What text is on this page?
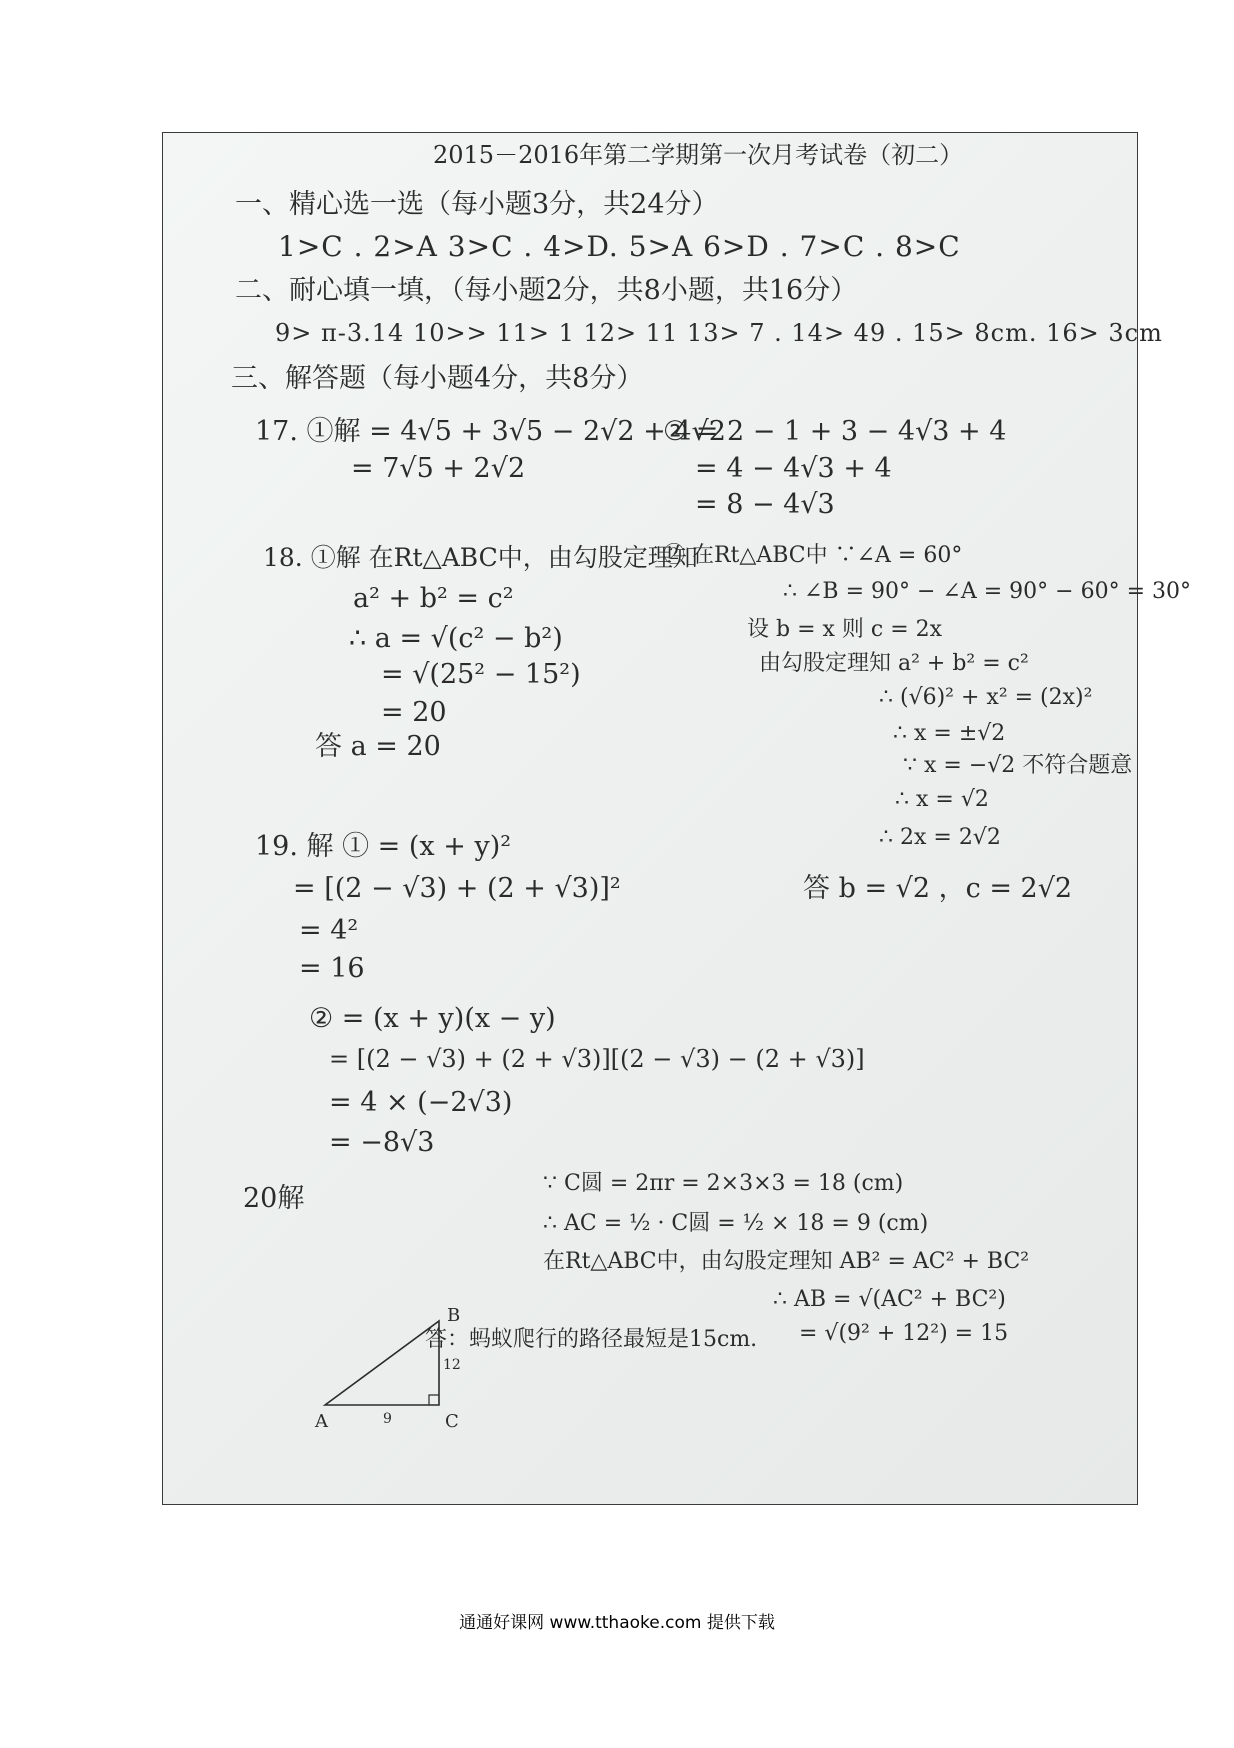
2015－2016年第二学期第一次月考试卷（初二）
一、精心选一选（每小题3分，共24分）
1>C . 2>A 3>C . 4>D. 5>A 6>D . 7>C . 8>C
二、耐心填一填，（每小题2分，共8小题，共16分）
9> π-3.14 10>> 11> 1 12> 11 13> 7 . 14> 49 . 15> 8cm. 16> 3cm
三、解答题（每小题4分，共8分）
17. ①解 = 4√5 + 3√5 − 2√2 + 4√2
= 7√5 + 2√2
② = 2 − 1 + 3 − 4√3 + 4
= 4 − 4√3 + 4
= 8 − 4√3
18. ①解 在Rt△ABC中，由勾股定理知
a² + b² = c²
∴ a = √(c² − b²)
= √(25² − 15²)
= 20
答 a = 20
② 在Rt△ABC中 ∵∠A = 60°
∴ ∠B = 90° − ∠A = 90° − 60° = 30°
设 b = x 则 c = 2x
由勾股定理知 a² + b² = c²
∴ (√6)² + x² = (2x)²
∴ x = ±√2
∵ x = −√2 不符合题意
∴ x = √2
∴ 2x = 2√2
答 b = √2 ，c = 2√2
19. 解 ① = (x + y)²
= [(2 − √3) + (2 + √3)]²
= 4²
= 16
② = (x + y)(x − y)
= [(2 − √3) + (2 + √3)][(2 − √3) − (2 + √3)]
= 4 × (−2√3)
= −8√3
20解
A
B
C
9
12
∵ C圆 = 2πr = 2×3×3 = 18 (cm)
∴ AC = ½ · C圆 = ½ × 18 = 9 (cm)
在Rt△ABC中，由勾股定理知 AB² = AC² + BC²
∴ AB = √(AC² + BC²)
= √(9² + 12²) = 15
答：蚂蚁爬行的路径最短是15cm.
通通好课网 www.tthaoke.com 提供下载
